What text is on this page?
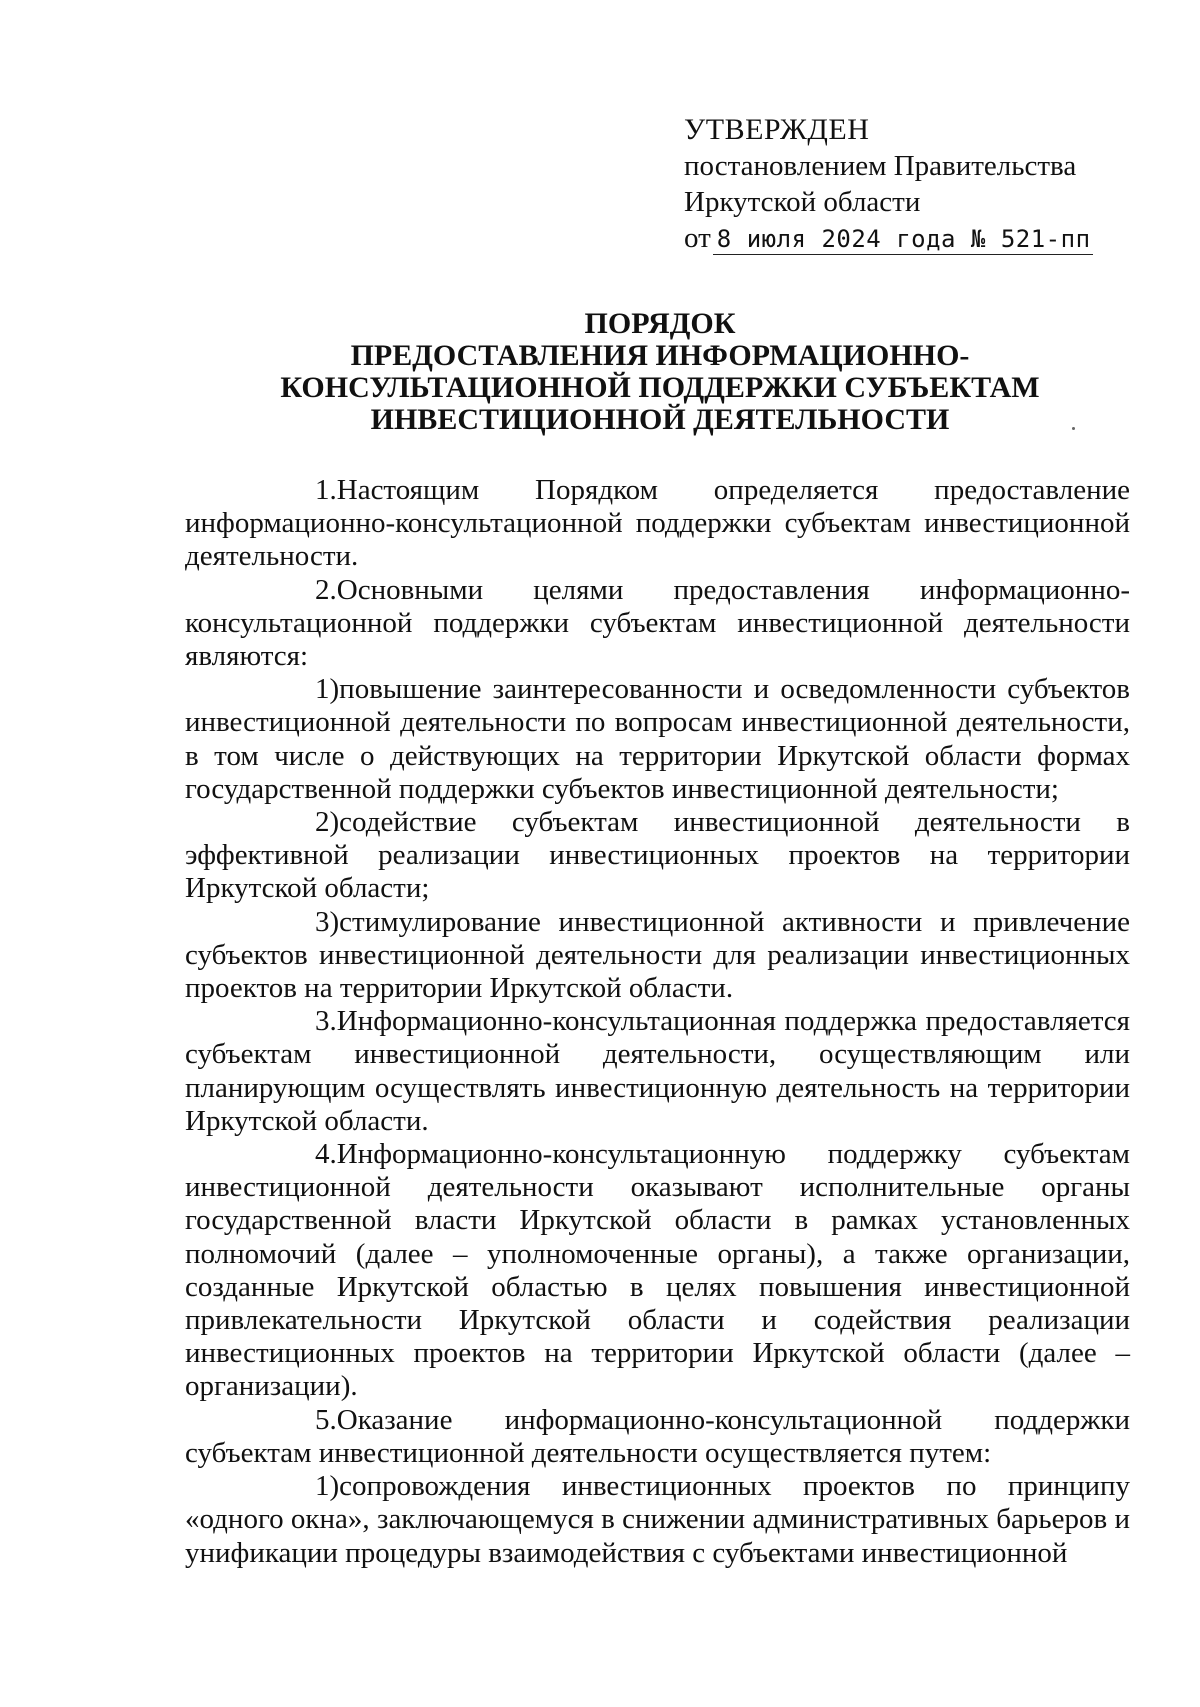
УТВЕРЖДЕН
постановлением Правительства
Иркутской области
от 8 июля 2024 года № 521-пп
ПОРЯДОК
ПРЕДОСТАВЛЕНИЯ ИНФОРМАЦИОННО-
КОНСУЛЬТАЦИОННОЙ ПОДДЕРЖКИ СУБЪЕКТАМ
ИНВЕСТИЦИОННОЙ ДЕЯТЕЛЬНОСТИ

1.Настоящим Порядком определяется предоставление информационно-консультационной поддержки субъектам инвестиционной деятельности.

2.Основными целями предоставления информационно-консультационной поддержки субъектам инвестиционной деятельности являются:

1)повышение заинтересованности и осведомленности субъектов инвестиционной деятельности по вопросам инвестиционной деятельности, в том числе о действующих на территории Иркутской области формах государственной поддержки субъектов инвестиционной деятельности;

2)содействие субъектам инвестиционной деятельности в эффективной реализации инвестиционных проектов на территории Иркутской области;

3)стимулирование инвестиционной активности и привлечение субъектов инвестиционной деятельности для реализации инвестиционных проектов на территории Иркутской области.

3.Информационно-консультационная поддержка предоставляется субъектам инвестиционной деятельности, осуществляющим или планирующим осуществлять инвестиционную деятельность на территории Иркутской области.

4.Информационно-консультационную поддержку субъектам инвестиционной деятельности оказывают исполнительные органы государственной власти Иркутской области в рамках установленных полномочий (далее – уполномоченные органы), а также организации, созданные Иркутской областью в целях повышения инвестиционной привлекательности Иркутской области и содействия реализации инвестиционных проектов на территории Иркутской области (далее – организации).

5.Оказание информационно-консультационной поддержки субъектам инвестиционной деятельности осуществляется путем:

1)сопровождения инвестиционных проектов по принципу «одного окна», заключающемуся в снижении административных барьеров и унификации процедуры взаимодействия с субъектами инвестиционной
